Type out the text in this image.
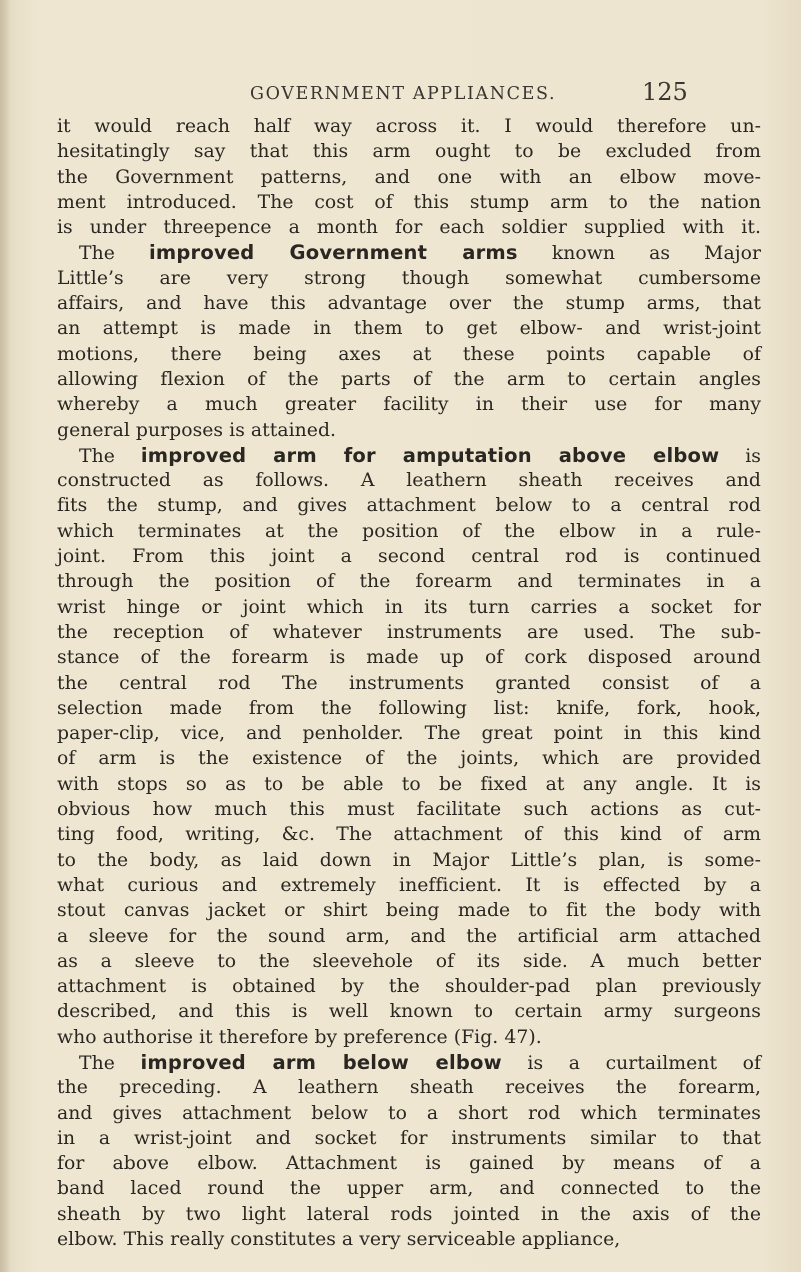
GOVERNMENT APPLIANCES.	125
it would reach half way across it. I would therefore un-
hesitatingly say that this arm ought to be excluded from
the Government patterns, and one with an elbow move-
ment introduced. The cost of this stump arm to the nation
is under threepence a month for each soldier supplied with it.
The improved Government arms known as Major
Little’s are very strong though somewhat cumbersome
affairs, and have this advantage over the stump arms, that
an attempt is made in them to get elbow- and wrist-joint
motions, there being axes at these points capable of
allowing flexion of the parts of the arm to certain angles
whereby a much greater facility in their use for many
general purposes is attained.
The improved arm for amputation above elbow is
constructed as follows. A leathern sheath receives and
fits the stump, and gives attachment below to a central rod
which terminates at the position of the elbow in a rule-
joint. From this joint a second central rod is continued
through the position of the forearm and terminates in a
wrist hinge or joint which in its turn carries a socket for
the reception of whatever instruments are used. The sub-
stance of the forearm is made up of cork disposed around
the central rod The instruments granted consist of a
selection made from the following list: knife, fork, hook,
paper-clip, vice, and penholder. The great point in this kind
of arm is the existence of the joints, which are provided
with stops so as to be able to be fixed at any angle. It is
obvious how much this must facilitate such actions as cut-
ting food, writing, &c. The attachment of this kind of arm
to the body, as laid down in Major Little’s plan, is some-
what curious and extremely inefficient. It is effected by a
stout canvas jacket or shirt being made to fit the body with
a sleeve for the sound arm, and the artificial arm attached
as a sleeve to the sleevehole of its side. A much better
attachment is obtained by the shoulder-pad plan previously
described, and this is well known to certain army surgeons
who authorise it therefore by preference (Fig. 47).
The improved arm below elbow is a curtailment of
the preceding. A leathern sheath receives the forearm,
and gives attachment below to a short rod which terminates
in a wrist-joint and socket for instruments similar to that
for above elbow. Attachment is gained by means of a
band laced round the upper arm, and connected to the
sheath by two light lateral rods jointed in the axis of the
elbow. This really constitutes a very serviceable appliance,
